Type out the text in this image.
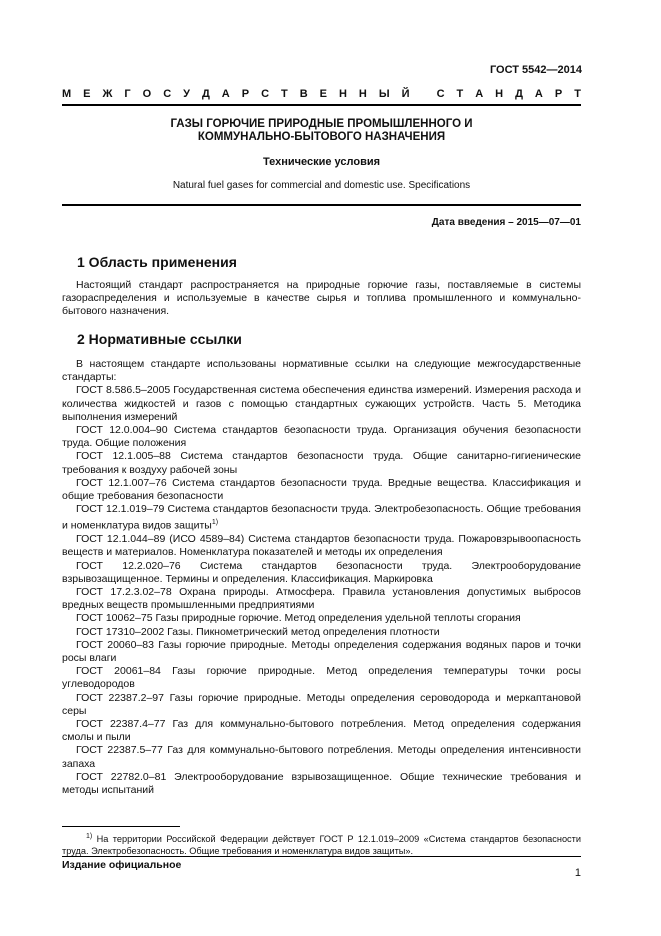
ГОСТ 5542—2014
М Е Ж Г О С У Д А Р С Т В Е Н Н Ы Й
С Т А Н Д А Р Т
ГАЗЫ ГОРЮЧИЕ ПРИРОДНЫЕ ПРОМЫШЛЕННОГО И
КОММУНАЛЬНО-БЫТОВОГО НАЗНАЧЕНИЯ
Технические условия
Natural fuel gases for commercial and domestic use. Specifications
Дата введения – 2015—07—01
1 Область применения

Настоящий стандарт распространяется на природные горючие газы, поставляемые в системы газораспределения и используемые в качестве сырья и топлива промышленного и коммунально-бытового назначения.

2 Нормативные ссылки

В настоящем стандарте использованы нормативные ссылки на следующие межгосударственные стандарты:

ГОСТ 8.586.5–2005 Государственная система обеспечения единства измерений. Измерения расхода и количества жидкостей и газов с помощью стандартных сужающих устройств. Часть 5. Методика выполнения измерений

ГОСТ 12.0.004–90 Система стандартов безопасности труда. Организация обучения безопасности труда. Общие положения

ГОСТ 12.1.005–88 Система стандартов безопасности труда. Общие санитарно-гигиенические требования к воздуху рабочей зоны

ГОСТ 12.1.007–76 Система стандартов безопасности труда. Вредные вещества. Классификация и общие требования безопасности

ГОСТ 12.1.019–79 Система стандартов безопасности труда. Электробезопасность. Общие требования и номенклатура видов защиты$^{1)}$

ГОСТ 12.1.044–89 (ИСО 4589–84) Система стандартов безопасности труда. Пожаровзрывоопасность веществ и материалов. Номенклатура показателей и методы их определения

ГОСТ 12.2.020–76 Система стандартов безопасности труда. Электрооборудование взрывозащищенное. Термины и определения. Классификация. Маркировка

ГОСТ 17.2.3.02–78 Охрана природы. Атмосфера. Правила установления допустимых выбросов вредных веществ промышленными предприятиями

ГОСТ 10062–75 Газы природные горючие. Метод определения удельной теплоты сгорания

ГОСТ 17310–2002 Газы. Пикнометрический метод определения плотности

ГОСТ 20060–83 Газы горючие природные. Методы определения содержания водяных паров и точки росы влаги

ГОСТ 20061–84 Газы горючие природные. Метод определения температуры точки росы углеводородов

ГОСТ 22387.2–97 Газы горючие природные. Методы определения сероводорода и меркаптановой серы

ГОСТ 22387.4–77 Газ для коммунально-бытового потребления. Метод определения содержания смолы и пыли

ГОСТ 22387.5–77 Газ для коммунально-бытового потребления. Методы определения интенсивности запаха

ГОСТ 22782.0–81 Электрооборудование взрывозащищенное. Общие технические требования и методы испытаний

$^{1)}$ На территории Российской Федерации действует ГОСТ Р 12.1.019–2009 «Система стандартов безопасности труда. Электробезопасность. Общие требования и номенклатура видов защиты».

Издание официальное
1
